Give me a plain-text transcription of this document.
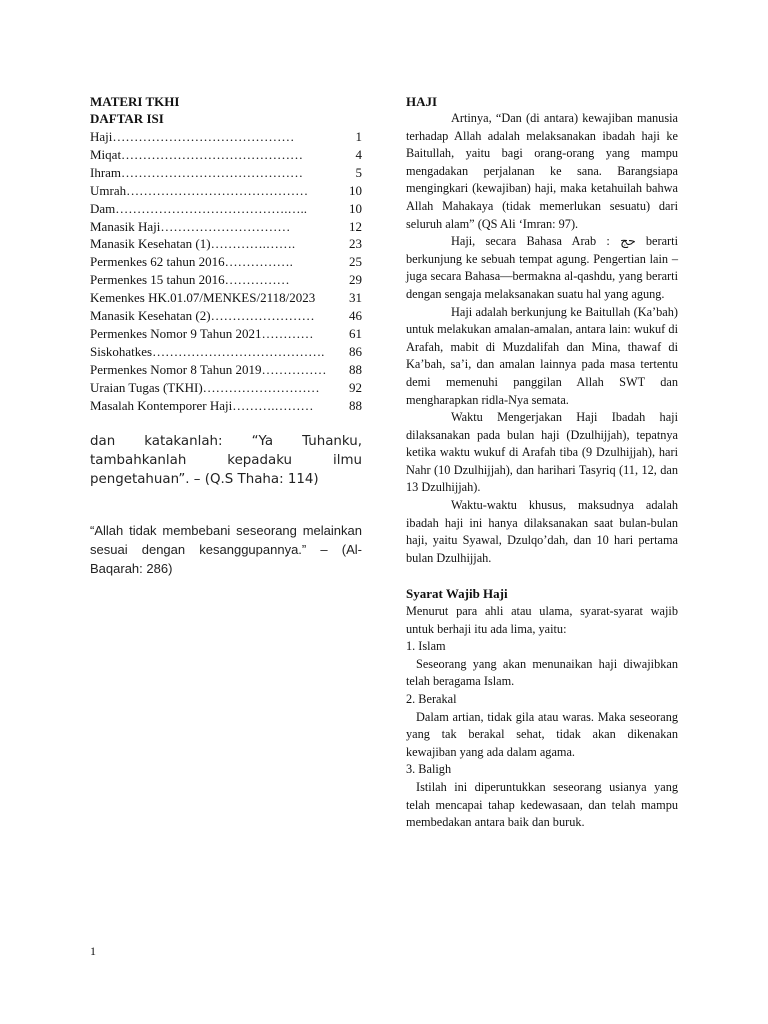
MATERI TKHI
DAFTAR ISI
Haji……………………………………	1
Miqat……………………………………	4
Ihram……………………………………	5
Umrah……………………………………	10
Dam………………………………….…..	10
Manasik Haji…………………………	12
Manasik Kesehatan (1)………….…….	23
Permenkes 62 tahun 2016…………….	25
Permenkes 15 tahun 2016……………	29
Kemenkes HK.01.07/MENKES/2118/2023	31
Manasik Kesehatan (2)……………………	46
Permenkes Nomor 9 Tahun 2021…………	61
Siskohatkes………………………………….	86
Permenkes Nomor 8 Tahun 2019……………	88
Uraian Tugas (TKHI)………………………	92
Masalah Kontemporer Haji……….………	88
dan katakanlah: “Ya Tuhanku, tambahkanlah kepadaku ilmu pengetahuan”. – (Q.S Thaha: 114)
“Allah tidak membebani seseorang melainkan sesuai dengan kesanggupannya.” – (Al-Baqarah: 286)
HAJI

Artinya, “Dan (di antara) kewajiban manusia terhadap Allah adalah melaksanakan ibadah haji ke Baitullah, yaitu bagi orang-orang yang mampu mengadakan perjalanan ke sana. Barangsiapa mengingkari (kewajiban) haji, maka ketahuilah bahwa Allah Mahakaya (tidak memerlukan sesuatu) dari seluruh alam” (QS Ali ‘Imran: 97).

Haji, secara Bahasa Arab : حج berarti berkunjung ke sebuah tempat agung. Pengertian lain –juga secara Bahasa—bermakna al-qashdu, yang berarti dengan sengaja melaksanakan suatu hal yang agung.

Haji adalah berkunjung ke Baitullah (Ka’bah) untuk melakukan amalan-amalan, antara lain: wukuf di Arafah, mabit di Muzdalifah dan Mina, thawaf di Ka’bah, sa’i, dan amalan lainnya pada masa tertentu demi memenuhi panggilan Allah SWT dan mengharapkan ridla-Nya semata.

Waktu Mengerjakan Haji Ibadah haji dilaksanakan pada bulan haji (Dzulhijjah), tepatnya ketika waktu wukuf di Arafah tiba (9 Dzulhijjah), hari Nahr (10 Dzulhijjah), dan harihari Tasyriq (11, 12, dan 13 Dzulhijjah).

Waktu-waktu khusus, maksudnya adalah ibadah haji ini hanya dilaksanakan saat bulan-bulan haji, yaitu Syawal, Dzulqo’dah, dan 10 hari pertama bulan Dzulhijjah.

Syarat Wajib Haji

Menurut para ahli atau ulama, syarat-syarat wajib untuk berhaji itu ada lima, yaitu:

1. Islam

Seseorang yang akan menunaikan haji diwajibkan telah beragama Islam.

2. Berakal

Dalam artian, tidak gila atau waras. Maka seseorang yang tak berakal sehat, tidak akan dikenakan kewajiban yang ada dalam agama.

3. Baligh

Istilah ini diperuntukkan seseorang usianya yang telah mencapai tahap kedewasaan, dan telah mampu membedakan antara baik dan buruk.

1
